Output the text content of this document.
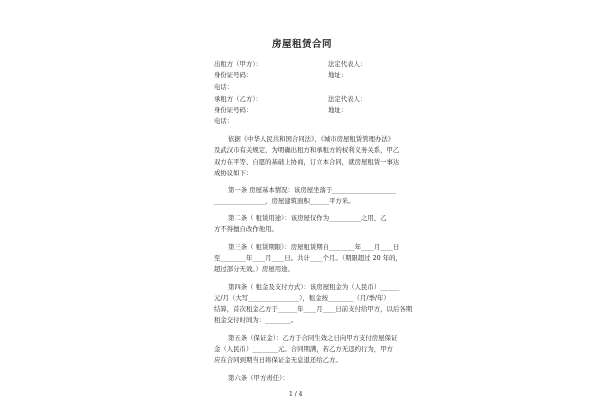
房屋租赁合同
出租方（甲方）：	法定代表人：
身份证号码：	地址：
电话：
承租方（乙方）：	法定代表人：
身份证号码：	地址：
电话：
依据《中华人民共和国合同法》、《城市房屋租赁管理办法》
及武汉市有关规定，为明确出租方和承租方的权利义务关系，甲乙
双方在平等、自愿的基础上协商，订立本合同，就房屋租赁一事达
成协议如下：
第一条 房屋基本情况：该房屋坐落于____________________
________________，房屋建筑面积______平方米。
第二条（ 租赁用途）：该房屋仅作为__________之用，乙
方不得擅自改作他用。
第三条（ 租赁期限）：房屋租赁期自________年____月____日
至________年____月____日。共计____个月。（期限超过 20 年的，
超过部分无效。）房屋用途。
第四条（ 租金及支付方式）：该房屋租金为（人民币）______
元/月（大写________________），租金按________（月/季/年）
结算，首次租金乙方于______年____月____日前支付给甲方，以后各期
租金交付时间为：________。
第五条（保证金）：乙方于合同生效之日向甲方支付房屋保证
金（人民币）________元。合同期满，若乙方无违约行为，甲方
应在合同到期当日将保证金无息退还给乙方。
第六条（甲方责任）：
1 / 4
